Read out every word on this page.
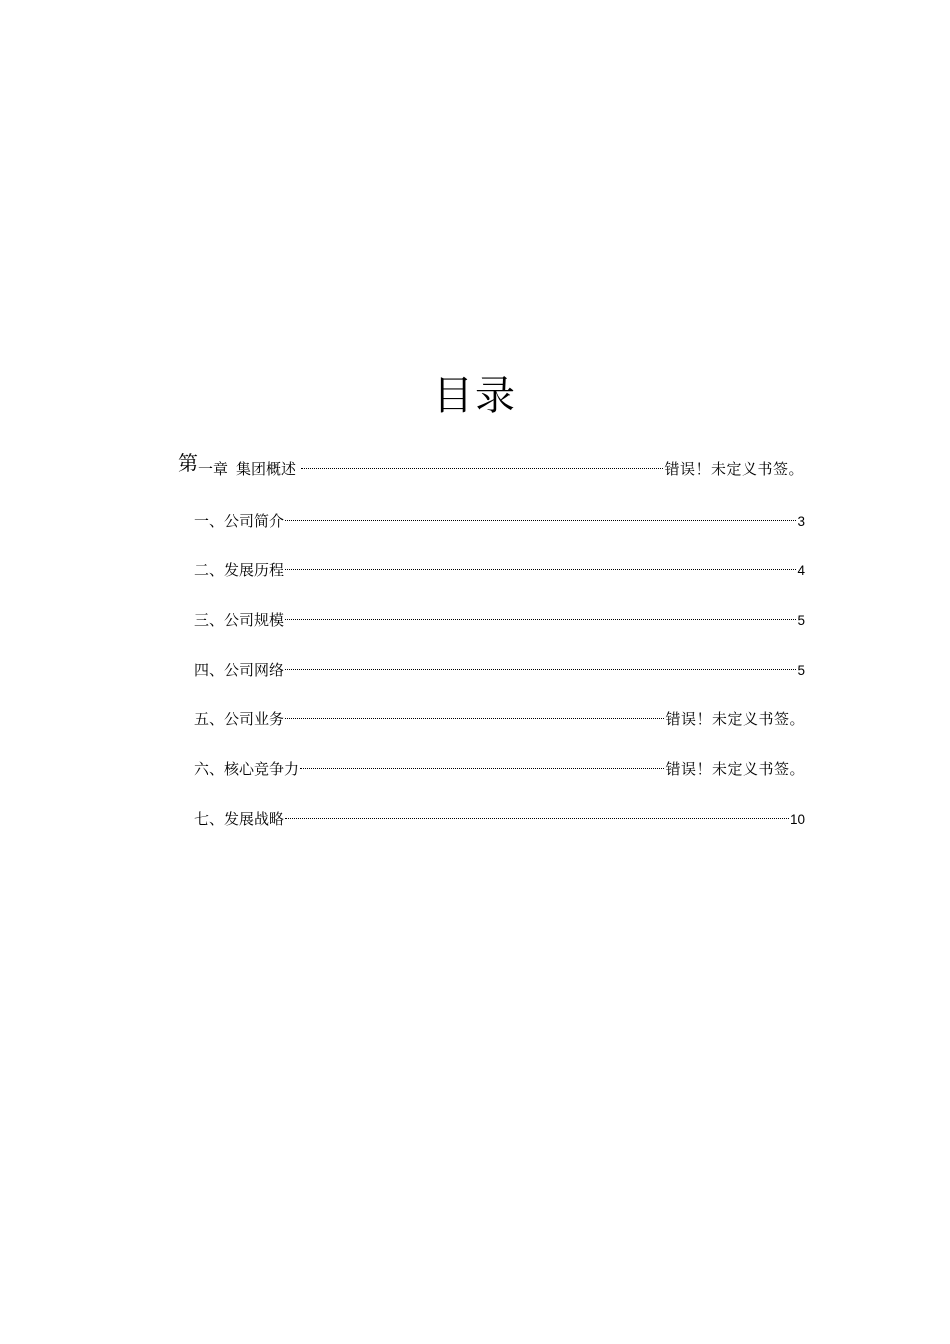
目录
第 一章 集团概述	错误！未定义书签。
一、公司简介	3
二、发展历程	4
三、公司规模	5
四、公司网络	5
五、公司业务	错误！未定义书签。
六、核心竞争力	错误！未定义书签。
七、发展战略	10
